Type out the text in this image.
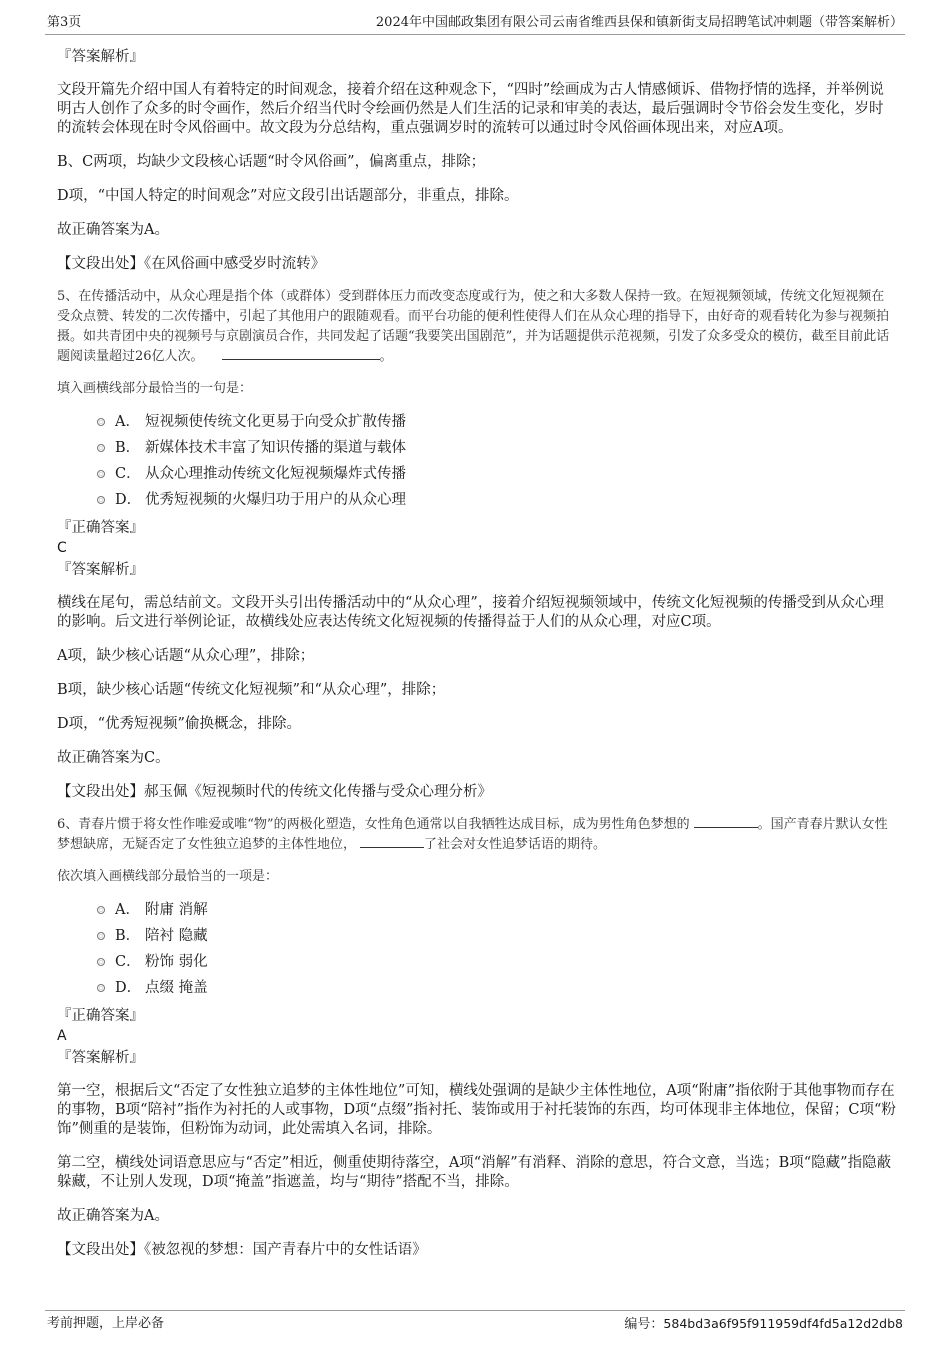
第3页	2024年中国邮政集团有限公司云南省维西县保和镇新街支局招聘笔试冲刺题（带答案解析）

『答案解析』

文段开篇先介绍中国人有着特定的时间观念，接着介绍在这种观念下，“四时”绘画成为古人情感倾诉、借物抒情的选择，并举例说明古人创作了众多的时令画作，然后介绍当代时令绘画仍然是人们生活的记录和审美的表达，最后强调时令节俗会发生变化，岁时的流转会体现在时令风俗画中。故文段为分总结构，重点强调岁时的流转可以通过时令风俗画体现出来，对应A项。

B、C两项，均缺少文段核心话题“时令风俗画”，偏离重点，排除；

D项，“中国人特定的时间观念”对应文段引出话题部分，非重点，排除。

故正确答案为A。

【文段出处】《在风俗画中感受岁时流转》

5、在传播活动中，从众心理是指个体（或群体）受到群体压力而改变态度或行为，使之和大多数人保持一致。在短视频领域，传统文化短视频在受众点赞、转发的二次传播中，引起了其他用户的跟随观看。而平台功能的便利性使得人们在从众心理的指导下，由好奇的观看转化为参与视频拍摄。如共青团中央的视频号与京剧演员合作，共同发起了话题“我要笑出国剧范”，并为话题提供示范视频，引发了众多受众的模仿，截至目前此话题阅读量超过26亿人次。	。

填入画横线部分最恰当的一句是：

A． 短视频使传统文化更易于向受众扩散传播
B． 新媒体技术丰富了知识传播的渠道与载体
C． 从众心理推动传统文化短视频爆炸式传播
D． 优秀短视频的火爆归功于用户的从众心理

『正确答案』

C

『答案解析』

横线在尾句，需总结前文。文段开头引出传播活动中的“从众心理”，接着介绍短视频领域中，传统文化短视频的传播受到从众心理的影响。后文进行举例论证，故横线处应表达传统文化短视频的传播得益于人们的从众心理，对应C项。

A项，缺少核心话题“从众心理”，排除；

B项，缺少核心话题“传统文化短视频”和“从众心理”，排除；

D项，“优秀短视频”偷换概念，排除。

故正确答案为C。

【文段出处】郝玉佩《短视频时代的传统文化传播与受众心理分析》

6、青春片惯于将女性作唯爱或唯“物”的两极化塑造，女性角色通常以自我牺牲达成目标，成为男性角色梦想的	。国产青春片默认女性梦想缺席，无疑否定了女性独立追梦的主体性地位，	了社会对女性追梦话语的期待。

依次填入画横线部分最恰当的一项是：

A． 附庸 消解
B． 陪衬 隐藏
C． 粉饰 弱化
D． 点缀 掩盖

『正确答案』

A

『答案解析』

第一空，根据后文“否定了女性独立追梦的主体性地位”可知，横线处强调的是缺少主体性地位，A项“附庸”指依附于其他事物而存在的事物，B项“陪衬”指作为衬托的人或事物，D项“点缀”指衬托、装饰或用于衬托装饰的东西，均可体现非主体地位，保留；C项“粉饰”侧重的是装饰，但粉饰为动词，此处需填入名词，排除。

第二空，横线处词语意思应与“否定”相近，侧重使期待落空，A项“消解”有消释、消除的意思，符合文意，当选；B项“隐藏”指隐蔽躲藏，不让别人发现，D项“掩盖”指遮盖，均与“期待”搭配不当，排除。

故正确答案为A。

【文段出处】《被忽视的梦想：国产青春片中的女性话语》

考前押题，上岸必备	编号：584bd3a6f95f911959df4fd5a12d2db8
